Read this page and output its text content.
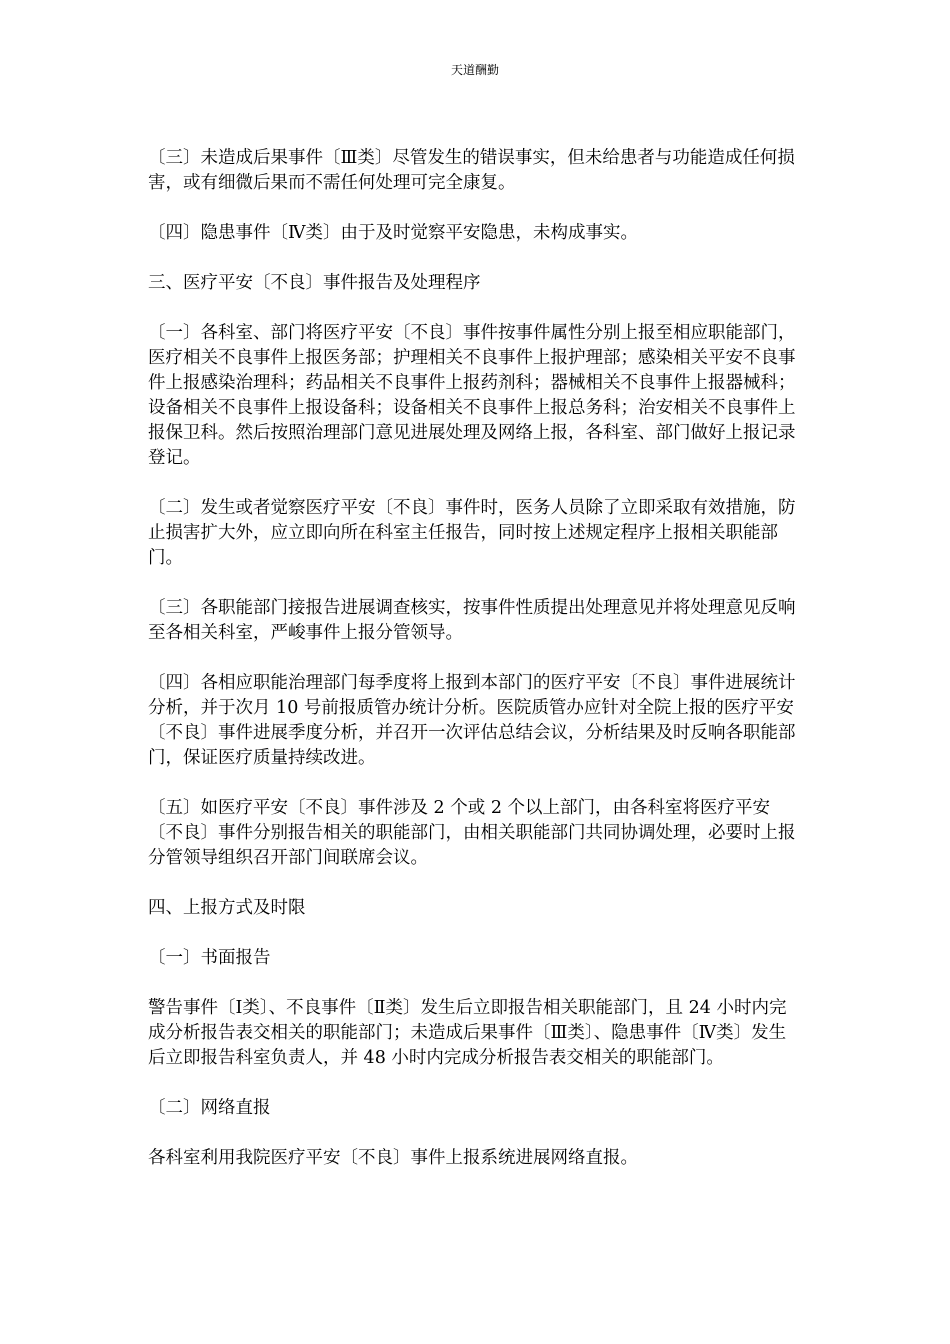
天道酬勤

〔三〕未造成后果事件〔Ⅲ类〕尽管发生的错误事实，但未给患者与功能造成任何损害，或有细微后果而不需任何处理可完全康复。

〔四〕隐患事件〔Ⅳ类〕由于及时觉察平安隐患，未构成事实。

三、医疗平安〔不良〕事件报告及处理程序

〔一〕各科室、部门将医疗平安〔不良〕事件按事件属性分别上报至相应职能部门，医疗相关不良事件上报医务部；护理相关不良事件上报护理部；感染相关平安不良事件上报感染治理科；药品相关不良事件上报药剂科；器械相关不良事件上报器械科；设备相关不良事件上报设备科；设备相关不良事件上报总务科；治安相关不良事件上报保卫科。然后按照治理部门意见进展处理及网络上报，各科室、部门做好上报记录登记。

〔二〕发生或者觉察医疗平安〔不良〕事件时，医务人员除了立即采取有效措施，防止损害扩大外，应立即向所在科室主任报告，同时按上述规定程序上报相关职能部门。

〔三〕各职能部门接报告进展调查核实，按事件性质提出处理意见并将处理意见反响至各相关科室，严峻事件上报分管领导。

〔四〕各相应职能治理部门每季度将上报到本部门的医疗平安〔不良〕事件进展统计分析，并于次月 10 号前报质管办统计分析。医院质管办应针对全院上报的医疗平安〔不良〕事件进展季度分析，并召开一次评估总结会议，分析结果及时反响各职能部门，保证医疗质量持续改进。

〔五〕如医疗平安〔不良〕事件涉及 2 个或 2 个以上部门，由各科室将医疗平安〔不良〕事件分别报告相关的职能部门，由相关职能部门共同协调处理，必要时上报分管领导组织召开部门间联席会议。

四、上报方式及时限

〔一〕书面报告

警告事件〔Ⅰ类〕、不良事件〔Ⅱ类〕发生后立即报告相关职能部门，且 24 小时内完成分析报告表交相关的职能部门；未造成后果事件〔Ⅲ类〕、隐患事件〔Ⅳ类〕发生后立即报告科室负责人，并 48 小时内完成分析报告表交相关的职能部门。

〔二〕网络直报

各科室利用我院医疗平安〔不良〕事件上报系统进展网络直报。
